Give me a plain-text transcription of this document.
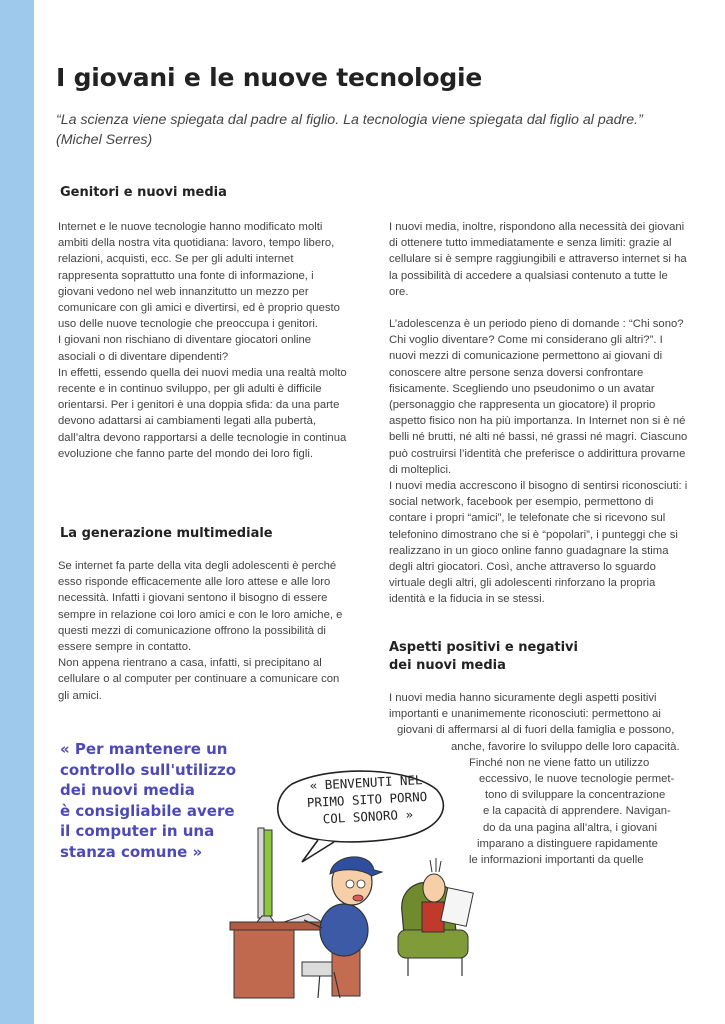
I giovani e le nuove tecnologie

“La scienza viene spiegata dal padre al figlio. La tecnologia viene spiegata dal figlio al padre.”

(Michel Serres)

Genitori e nuovi media

Internet e le nuove tecnologie hanno modificato molti ambiti della nostra vita quotidiana: lavoro, tempo libero, relazioni, acquisti, ecc. Se per gli adulti internet rappresenta soprattutto una fonte di informazione, i giovani vedono nel web innanzitutto un mezzo per comunicare con gli amici e divertirsi, ed è proprio questo uso delle nuove tecnologie che preoccupa i genitori.

I giovani non rischiano di diventare giocatori online asociali o di diventare dipendenti?

In effetti, essendo quella dei nuovi media una realtà molto recente e in continuo sviluppo, per gli adulti è difficile orientarsi. Per i genitori è una doppia sfida: da una parte devono adattarsi ai cambiamenti legati alla pubertà, dall’altra devono rapportarsi a delle tecnologie in continua evoluzione che fanno parte del mondo dei loro figli.

La generazione multimediale

Se internet fa parte della vita degli adolescenti è perché esso risponde efficacemente alle loro attese e alle loro necessità. Infatti i giovani sentono il bisogno di essere sempre in relazione coi loro amici e con le loro amiche, e questi mezzi di comunicazione offrono la possibilità di essere sempre in contatto.

Non appena rientrano a casa, infatti, si precipitano al cellulare o al computer per continuare a comunicare con gli amici.

I nuovi media, inoltre, rispondono alla necessità dei giovani di ottenere tutto immediatamente e senza limiti: grazie al cellulare si è sempre raggiungibili e attraverso internet si ha la possibilità di accedere a qualsiasi contenuto a tutte le ore.

L’adolescenza è un periodo pieno di domande : “Chi sono? Chi voglio diventare? Come mi considerano gli altri?”. I nuovi mezzi di comunicazione permettono ai giovani di conoscere altre persone senza doversi confrontare fisicamente. Scegliendo uno pseudonimo o un avatar (personaggio che rappresenta un giocatore) il proprio aspetto fisico non ha più importanza. In Internet non si è né belli né brutti, né alti né bassi, né grassi né magri. Ciascuno può costruirsi l’identità che preferisce o addirittura provarne di molteplici.

I nuovi media accrescono il bisogno di sentirsi riconosciuti: i social network, facebook per esempio, permettono di contare i propri “amici”, le telefonate che si ricevono sul telefonino dimostrano che si è “popolari”, i punteggi che si realizzano in un gioco online fanno guadagnare la stima degli altri giocatori. Così, anche attraverso lo sguardo virtuale degli altri, gli adolescenti rinforzano la propria identità e la fiducia in se stessi.

Aspetti positivi e negativi
dei nuovi media

I nuovi media hanno sicuramente degli aspetti positivi

importanti e unanimemente riconosciuti: permettono ai

giovani di affermarsi al di fuori della famiglia e possono,

anche, favorire lo sviluppo delle loro capacità.

Finché non ne viene fatto un utilizzo

eccessivo, le nuove tecnologie permet-

tono di sviluppare la concentrazione

e la capacità di apprendere. Navigan-

do da una pagina all’altra, i giovani

imparano a distinguere rapidamente

le informazioni importanti da quelle

« Per mantenere un

controllo sull'utilizzo

dei nuovi media

è consigliabile avere

il computer in una

stanza comune »

« BENVENUTI NEL

PRIMO SITO PORNO

COL SONORO »
